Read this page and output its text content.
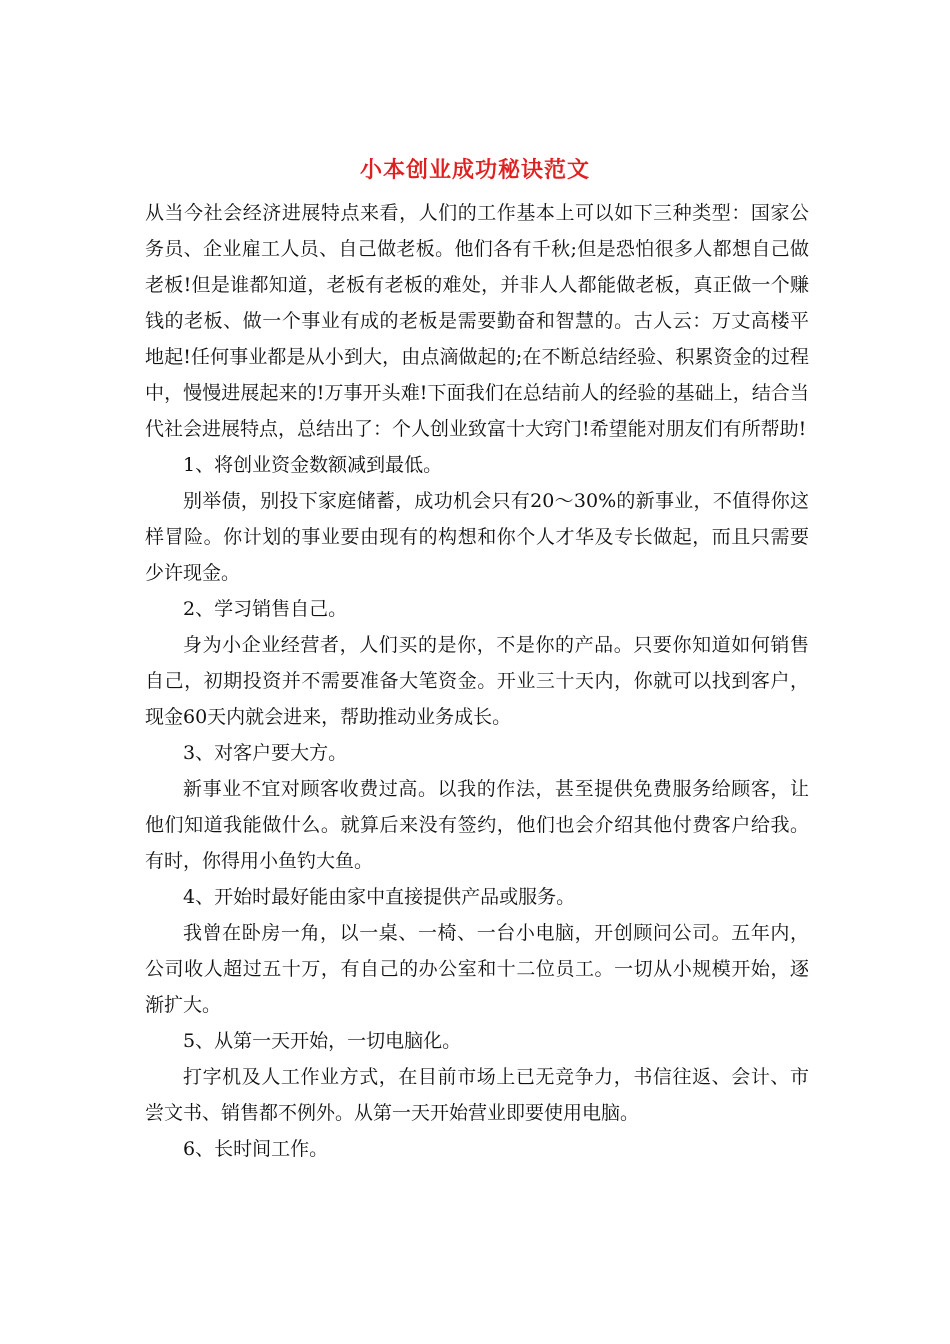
小本创业成功秘诀范文

从当今社会经济进展特点来看，人们的工作基本上可以如下三种类型：国家公务员、企业雇工人员、自己做老板。他们各有千秋;但是恐怕很多人都想自己做老板!但是谁都知道，老板有老板的难处，并非人人都能做老板，真正做一个赚钱的老板、做一个事业有成的老板是需要勤奋和智慧的。古人云：万丈高楼平地起!任何事业都是从小到大，由点滴做起的;在不断总结经验、积累资金的过程中，慢慢进展起来的!万事开头难!下面我们在总结前人的经验的基础上，结合当代社会进展特点，总结出了：个人创业致富十大窍门!希望能对朋友们有所帮助!

1、将创业资金数额减到最低。

别举债，别投下家庭储蓄，成功机会只有20～30%的新事业，不值得你这样冒险。你计划的事业要由现有的构想和你个人才华及专长做起，而且只需要少许现金。

2、学习销售自己。

身为小企业经营者，人们买的是你，不是你的产品。只要你知道如何销售自己，初期投资并不需要准备大笔资金。开业三十天内，你就可以找到客户，现金60天内就会进来，帮助推动业务成长。

3、对客户要大方。

新事业不宜对顾客收费过高。以我的作法，甚至提供免费服务给顾客，让他们知道我能做什么。就算后来没有签约，他们也会介绍其他付费客户给我。有时，你得用小鱼钓大鱼。

4、开始时最好能由家中直接提供产品或服务。

我曾在卧房一角，以一桌、一椅、一台小电脑，开创顾问公司。五年内，公司收人超过五十万，有自己的办公室和十二位员工。一切从小规模开始，逐渐扩大。

5、从第一天开始，一切电脑化。

打字机及人工作业方式，在目前市场上已无竞争力，书信往返、会计、市尝文书、销售都不例外。从第一天开始营业即要使用电脑。

6、长时间工作。
